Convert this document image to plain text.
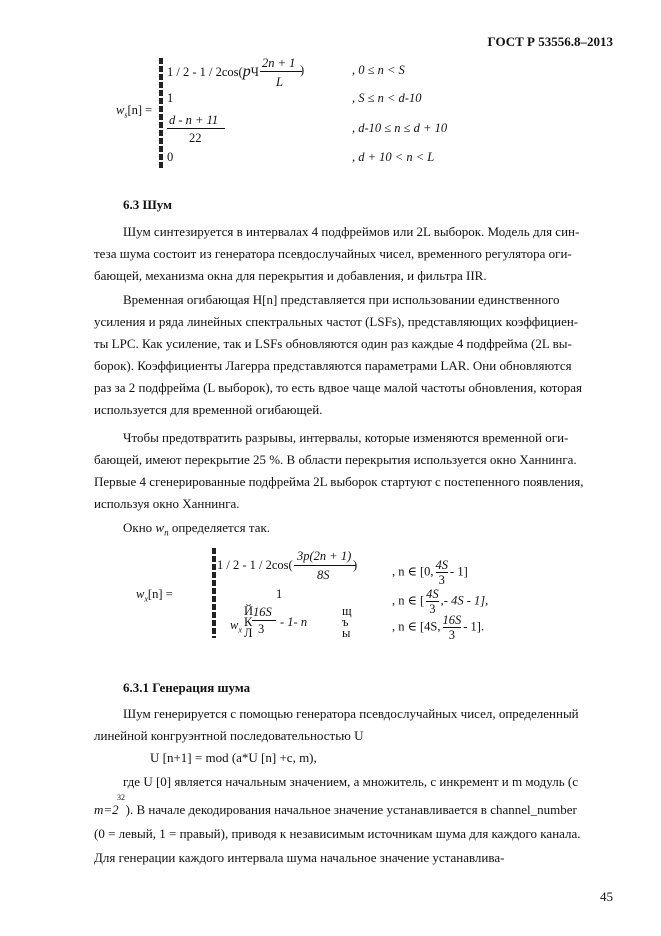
ГОСТ Р 53556.8–2013
$w_s[n]$ =
1 / 2 - 1 / 2cos(pЧ
2n + 1
L
)	, 0 ≤ n < S
1	, S ≤ n < d-10
d - n + 11
22
, d-10 ≤ n ≤ d + 10
0	, d + 10 < n < L
6.3 Шум
Шум синтезируется в интервалах 4 подфреймов или 2L выборок. Модель для син-
теза шума состоит из генератора псевдослучайных чисел, временного регулятора оги-
бающей, механизма окна для перекрытия и добавления, и фильтра IIR.
Временная огибающая H[n] представляется при использовании единственного
усиления и ряда линейных спектральных частот (LSFs), представляющих коэффициен-
ты LPC. Как усиление, так и LSFs обновляются один раз каждые 4 подфрейма (2L вы-
борок). Коэффициенты Лагерра представляются параметрами LAR. Они обновляются
раз за 2 подфрейма (L выборок), то есть вдвое чаще малой частоты обновления, которая
используется для временной огибающей.
Чтобы предотвратить разрывы, интервалы, которые изменяются временной оги-
бающей, имеют перекрытие 25 %. В области перекрытия используется окно Ханнинга.
Первые 4 сгенерированные подфрейма 2L выборок стартуют с постепенного появления,
используя окно Ханнинга.
Окно $w_n$ определяется так.
$w_x[n]$ =
1 / 2 - 1 / 2cos(
3p(2n + 1)
8S
)	, n ∈ [0, $\frac{4S}{3} - 1$]
1	, n ∈ [ $\frac{4S}{3}$ ,- 4S - 1],
$w_x$
Й
К
Л
16S
3 - 1- n
щ
ъ
ы	, n ∈ [4S, $\frac{16S}{3} - 1$].
6.3.1 Генерация шума
Шум генерируется с помощью генератора псевдослучайных чисел, определенный
линейной конгруэнтной последовательностью U
U [n+1] = mod (a*U [n] +c, m),
где U [0] является начальным значением, a множитель, c инкремент и m модуль (с
32
m=2 ). В начале декодирования начальное значение устанавливается в channel_number
(0 = левый, 1 = правый), приводя к независимым источникам шума для каждого канала.
Для генерации каждого интервала шума начальное значение устанавлива-
45
